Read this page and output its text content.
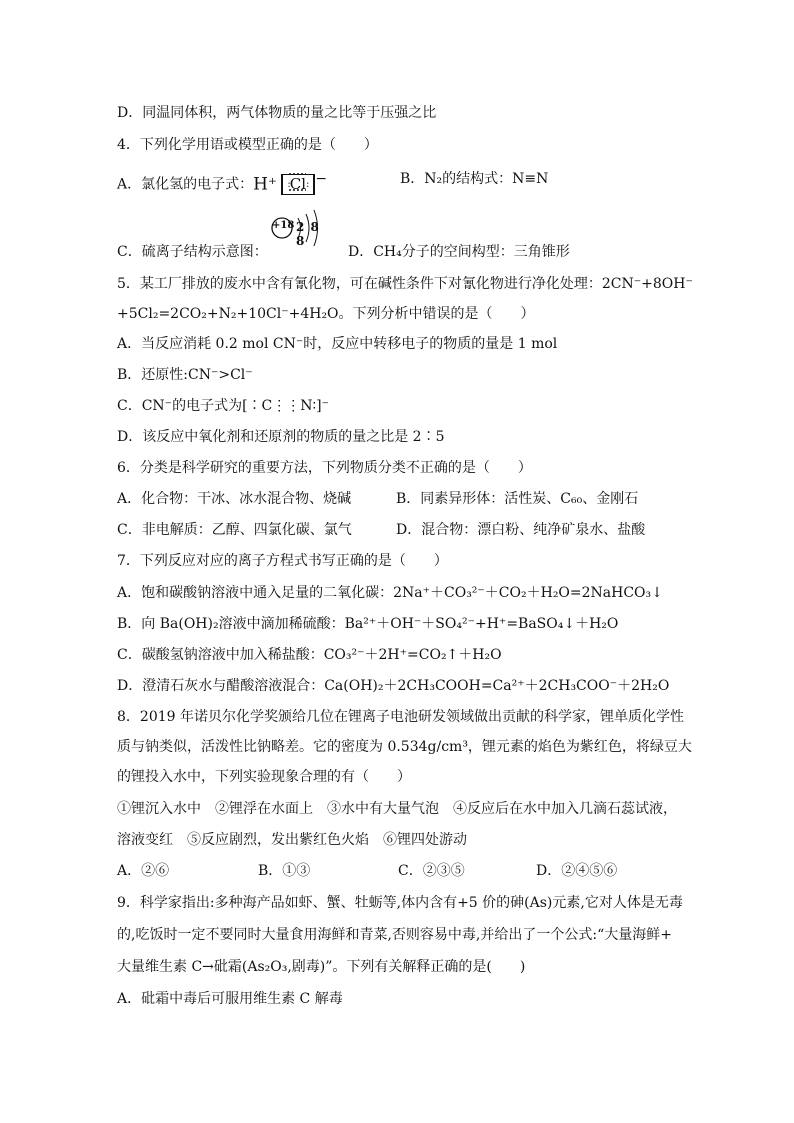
D．同温同体积，两气体物质的量之比等于压强之比
4．下列化学用语或模型正确的是（　　）
A．氯化氢的电子式：H⁺ :Cl: −	B．N₂的结构式：N≡N
+18 2 8 8
C．硫离子结构示意图：	D．CH₄分子的空间构型：三角锥形
5．某工厂排放的废水中含有氰化物，可在碱性条件下对氰化物进行净化处理：2CN⁻+8OH⁻
+5Cl₂=2CO₂+N₂+10Cl⁻+4H₂O。下列分析中错误的是（　　）
A．当反应消耗 0.2 mol CN⁻时，反应中转移电子的物质的量是 1 mol
B．还原性:CN⁻>Cl⁻
C．CN⁻的电子式为[∶C⋮⋮N∶]⁻
D．该反应中氧化剂和还原剂的物质的量之比是 2∶5
6．分类是科学研究的重要方法，下列物质分类不正确的是（　　）
A．化合物：干冰、冰水混合物、烧碱	B．同素异形体：活性炭、C₆₀、金刚石
C．非电解质：乙醇、四氯化碳、氯气	D．混合物：漂白粉、纯净矿泉水、盐酸
7．下列反应对应的离子方程式书写正确的是（　　）
A．饱和碳酸钠溶液中通入足量的二氧化碳：2Na⁺＋CO₃²⁻＋CO₂＋H₂O=2NaHCO₃↓
B．向 Ba(OH)₂溶液中滴加稀硫酸：Ba²⁺＋OH⁻＋SO₄²⁻+H⁺=BaSO₄↓＋H₂O
C．碳酸氢钠溶液中加入稀盐酸：CO₃²⁻＋2H⁺=CO₂↑＋H₂O
D．澄清石灰水与醋酸溶液混合：Ca(OH)₂＋2CH₃COOH=Ca²⁺＋2CH₃COO⁻＋2H₂O
8．2019 年诺贝尔化学奖颁给几位在锂离子电池研发领域做出贡献的科学家，锂单质化学性
质与钠类似，活泼性比钠略差。它的密度为 0.534g/cm³，锂元素的焰色为紫红色，将绿豆大
的锂投入水中，下列实验现象合理的有（　　）
①锂沉入水中　②锂浮在水面上　③水中有大量气泡　④反应后在水中加入几滴石蕊试液，
溶液变红　⑤反应剧烈，发出紫红色火焰　⑥锂四处游动
A．②⑥	B．①③	C．②③⑤	D．②④⑤⑥
9．科学家指出:多种海产品如虾、蟹、牡蛎等,体内含有+5 价的砷(As)元素,它对人体是无毒
的,吃饭时一定不要同时大量食用海鲜和青菜,否则容易中毒,并给出了一个公式:“大量海鲜+
大量维生素 C→砒霜(As₂O₃,剧毒)”。下列有关解释正确的是(　　)
A．砒霜中毒后可服用维生素 C 解毒
